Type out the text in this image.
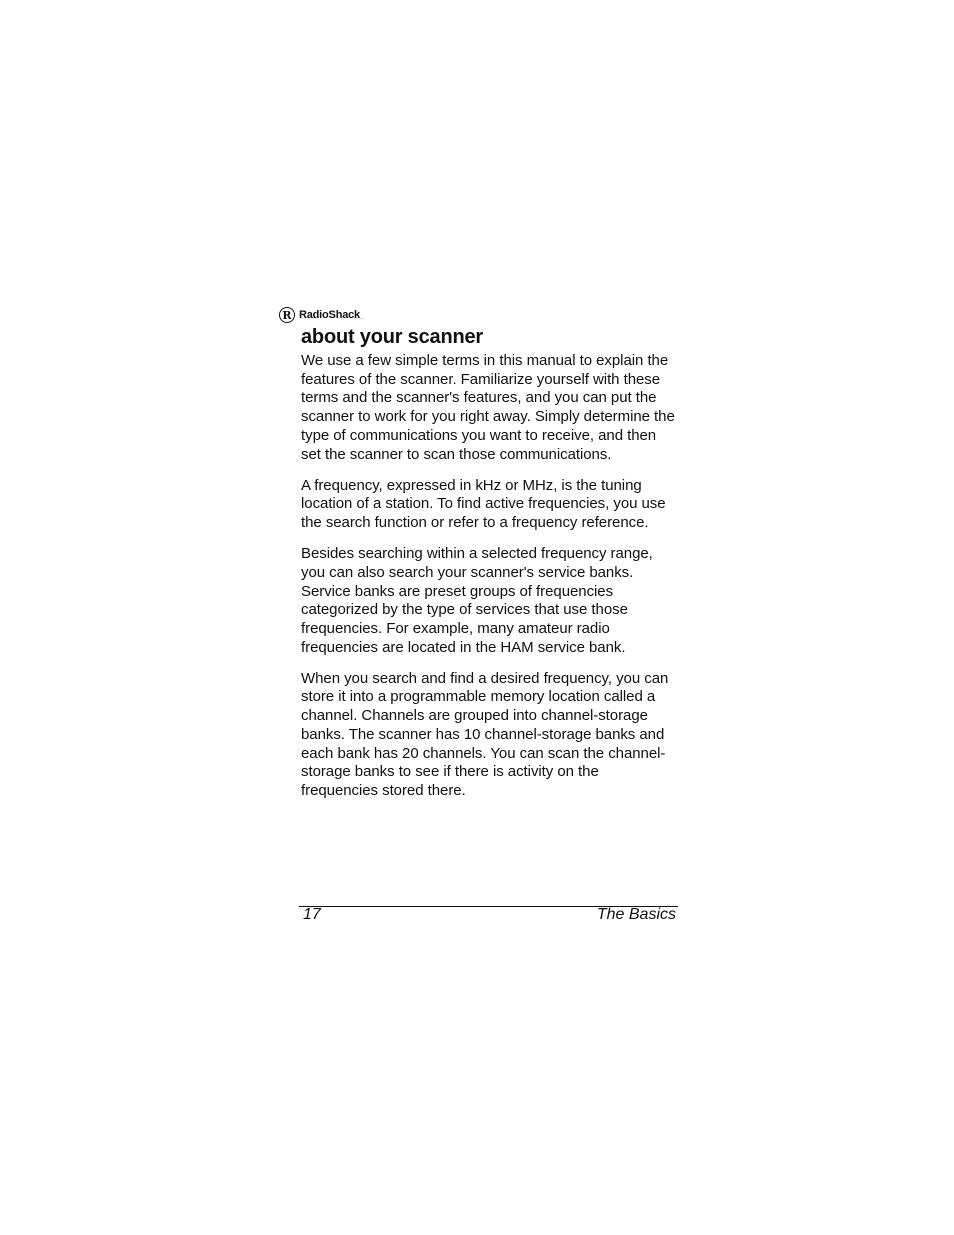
R RadioShack .
about your scanner

We use a few simple terms in this manual to explain the features of the scanner. Familiarize yourself with these terms and the scanner's features, and you can put the scanner to work for you right away. Simply determine the type of communications you want to receive, and then set the scanner to scan those communications.

A frequency, expressed in kHz or MHz, is the tuning location of a station. To find active frequencies, you use the search function or refer to a frequency reference.

Besides searching within a selected frequency range, you can also search your scanner's service banks. Service banks are preset groups of frequencies categorized by the type of services that use those frequencies. For example, many amateur radio frequencies are located in the HAM service bank.

When you search and find a desired frequency, you can store it into a programmable memory location called a channel. Channels are grouped into channel-storage banks. The scanner has 10 channel-storage banks and each bank has 20 channels. You can scan the channel-storage banks to see if there is activity on the frequencies stored there.

17	The Basics
